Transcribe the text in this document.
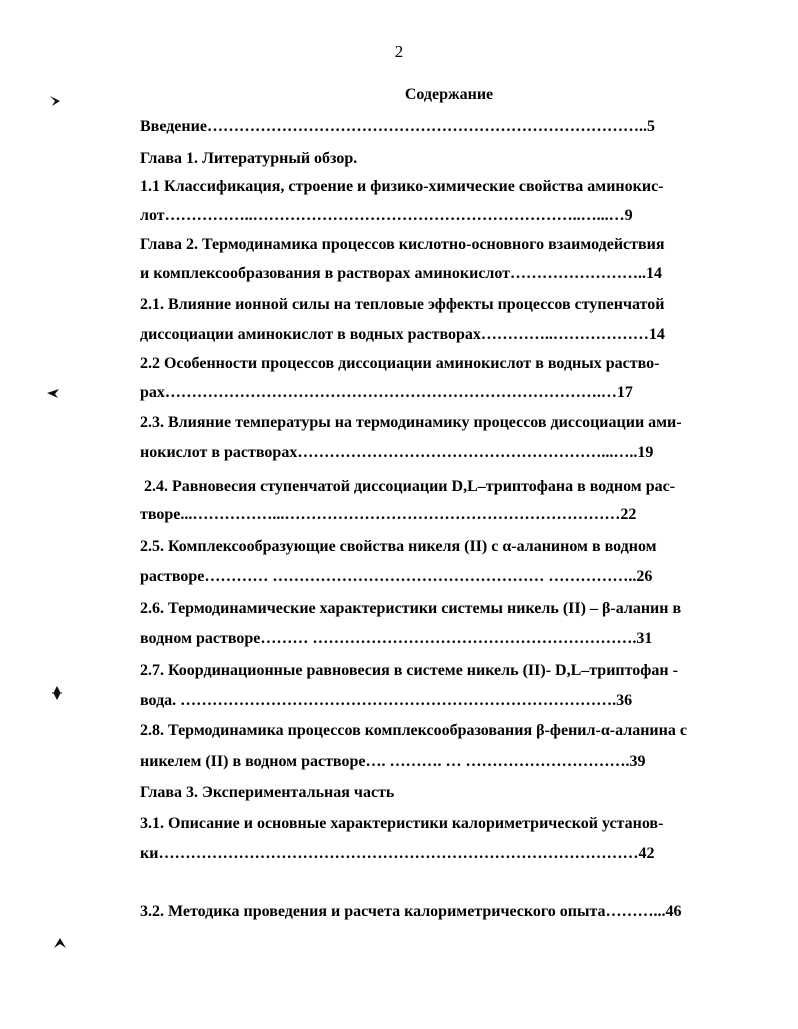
2
Содержание
Введение………………………………………………………………………..5
Глава 1. Литературный обзор.
1.1 Классификация, строение и физико-химические свойства аминокис-
лот……………..……………………………………………………..…...…9
Глава 2. Термодинамика процессов кислотно-основного взаимодействия
и комплексообразования в растворах аминокислот……………………..14
2.1. Влияние ионной силы на тепловые эффекты процессов ступенчатой
диссоциации аминокислот в водных растворах…………..………………14
2.2 Особенности процессов диссоциации аминокислот в водных раство-
рах……………………………………………………………………….…17
2.3. Влияние температуры на термодинамику процессов диссоциации ами-
нокислот в растворах…………………………………………………...…..19
2.4. Равновесия ступенчатой диссоциации D,L–триптофана в водном рас-
творе...……………...………………………………………………………22
2.5. Комплексообразующие свойства никеля (II) с α-аланином в водном
растворе………… …………………………………………… ……………..26
2.6. Термодинамические характеристики системы никель (II) – β-аланин в
водном растворе……… …………………………………………………….31
2.7. Координационные равновесия в системе никель (II)- D,L–триптофан -
вода. ……………………………………………………………………….36
2.8. Термодинамика процессов комплексообразования β-фенил-α-аланина с
никелем (II) в водном растворе…. ………. … ………………………….39
Глава 3. Экспериментальная часть
3.1. Описание и основные характеристики калориметрической установ-
ки………………………………………………………………………………42
3.2. Методика проведения и расчета калориметрического опыта………...46
